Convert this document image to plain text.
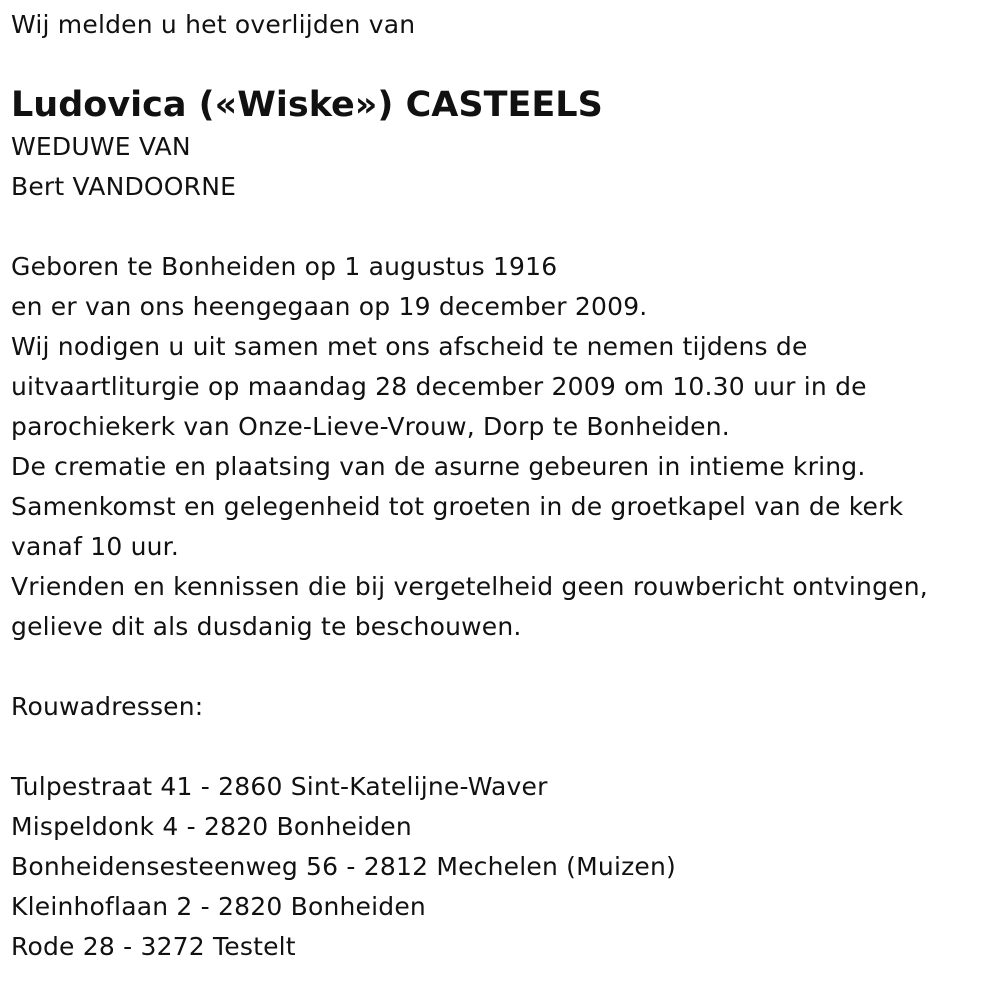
Wij melden u het overlijden van
Ludovica («Wiske») CASTEELS
WEDUWE VAN
Bert VANDOORNE
Geboren te Bonheiden op 1 augustus 1916
en er van ons heengegaan op 19 december 2009.
Wij nodigen u uit samen met ons afscheid te nemen tijdens de
uitvaartliturgie op maandag 28 december 2009 om 10.30 uur in de
parochiekerk van Onze-Lieve-Vrouw, Dorp te Bonheiden.
De crematie en plaatsing van de asurne gebeuren in intieme kring.
Samenkomst en gelegenheid tot groeten in de groetkapel van de kerk
vanaf 10 uur.
Vrienden en kennissen die bij vergetelheid geen rouwbericht ontvingen,
gelieve dit als dusdanig te beschouwen.
Rouwadressen:
Tulpestraat 41 - 2860 Sint-Katelijne-Waver
Mispeldonk 4 - 2820 Bonheiden
Bonheidensesteenweg 56 - 2812 Mechelen (Muizen)
Kleinhoflaan 2 - 2820 Bonheiden
Rode 28 - 3272 Testelt
